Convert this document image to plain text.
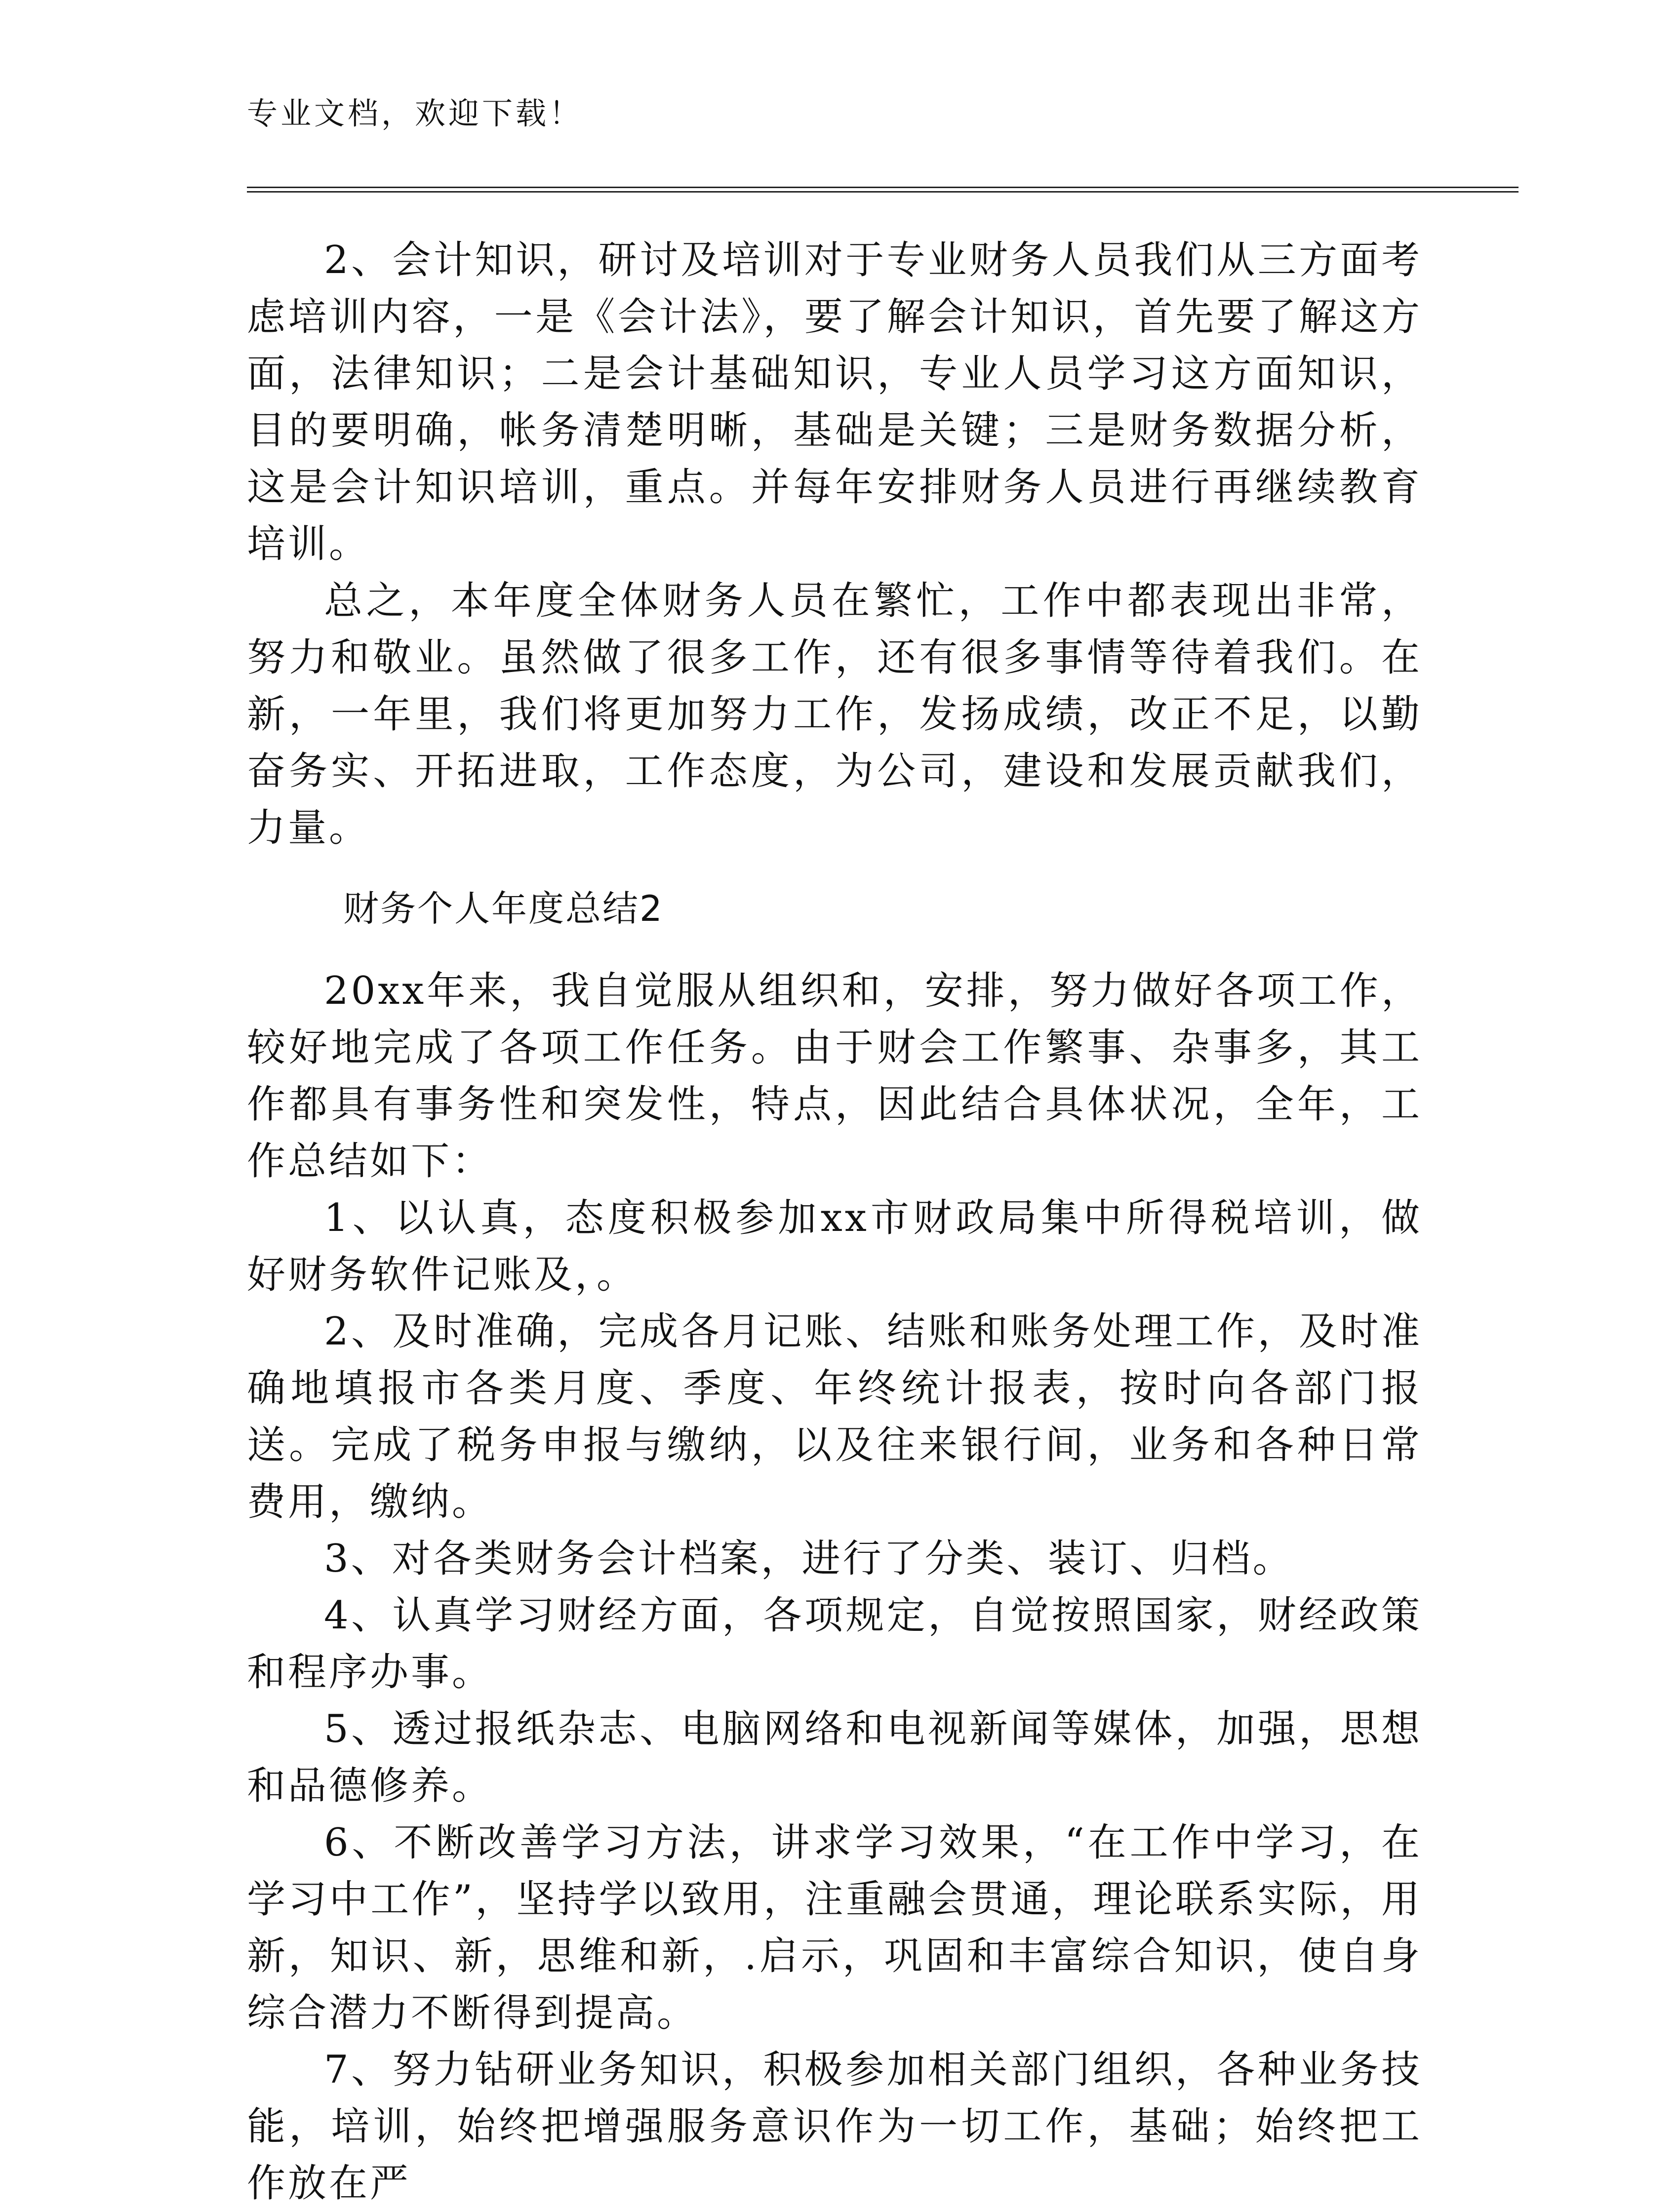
专业文档，欢迎下载！

2、会计知识，研讨及培训对于专业财务人员我们从三方面考虑培训内容，一是《会计法》，要了解会计知识，首先要了解这方面，法律知识；二是会计基础知识，专业人员学习这方面知识，目的要明确，帐务清楚明晰，基础是关键；三是财务数据分析，这是会计知识培训，重点。并每年安排财务人员进行再继续教育培训。

总之，本年度全体财务人员在繁忙，工作中都表现出非常，努力和敬业。虽然做了很多工作，还有很多事情等待着我们。在新，一年里，我们将更加努力工作，发扬成绩，改正不足，以勤奋务实、开拓进取，工作态度，为公司，建设和发展贡献我们，力量。

财务个人年度总结2

20xx年来，我自觉服从组织和，安排，努力做好各项工作，较好地完成了各项工作任务。由于财会工作繁事、杂事多，其工作都具有事务性和突发性，特点，因此结合具体状况，全年，工作总结如下：

1、以认真，态度积极参加xx市财政局集中所得税培训，做好财务软件记账及，。

2、及时准确，完成各月记账、结账和账务处理工作，及时准确地填报市各类月度、季度、年终统计报表，按时向各部门报送。完成了税务申报与缴纳，以及往来银行间，业务和各种日常费用，缴纳。

3、对各类财务会计档案，进行了分类、装订、归档。

4、认真学习财经方面，各项规定，自觉按照国家，财经政策和程序办事。

5、透过报纸杂志、电脑网络和电视新闻等媒体，加强，思想和品德修养。

6、不断改善学习方法，讲求学习效果，“在工作中学习，在学习中工作”，坚持学以致用，注重融会贯通，理论联系实际，用新，知识、新，思维和新，.启示，巩固和丰富综合知识，使自身综合潜力不断得到提高。

7、努力钻研业务知识，积极参加相关部门组织，各种业务技能，培训，始终把增强服务意识作为一切工作，基础；始终把工作放在严
